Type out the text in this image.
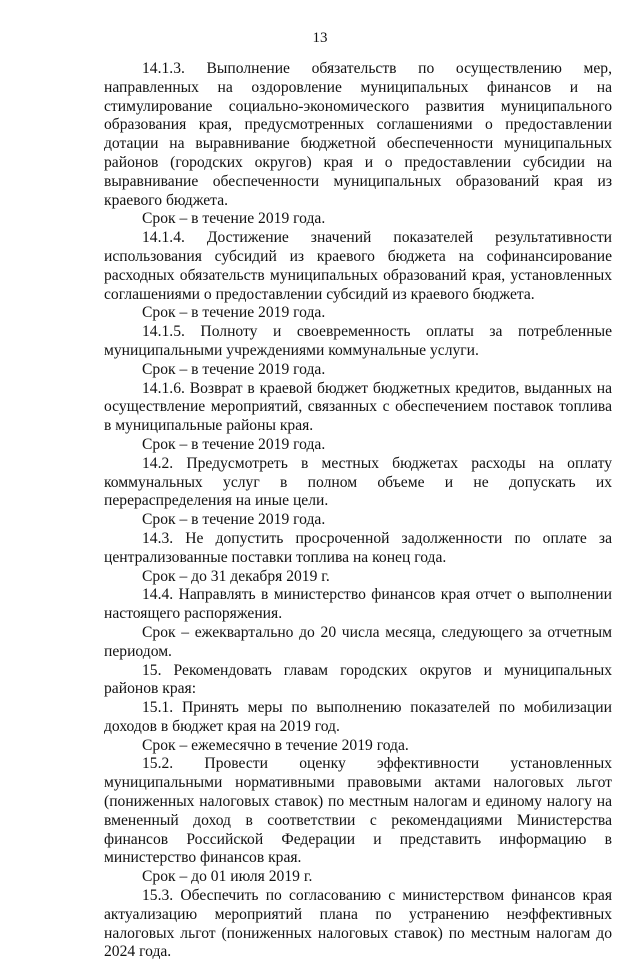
13

14.1.3. Выполнение обязательств по осуществлению мер, направленных на оздоровление муниципальных финансов и на стимулирование социально-экономического развития муниципального образования края, предусмотренных соглашениями о предоставлении дотации на выравнивание бюджетной обеспеченности муниципальных районов (городских округов) края и о предоставлении субсидии на выравнивание обеспеченности муниципальных образований края из краевого бюджета.

Срок – в течение 2019 года.

14.1.4. Достижение значений показателей результативности использования субсидий из краевого бюджета на софинансирование расходных обязательств муниципальных образований края, установленных соглашениями о предоставлении субсидий из краевого бюджета.

Срок – в течение 2019 года.

14.1.5. Полноту и своевременность оплаты за потребленные муниципальными учреждениями коммунальные услуги.

Срок – в течение 2019 года.

14.1.6. Возврат в краевой бюджет бюджетных кредитов, выданных на осуществление мероприятий, связанных с обеспечением поставок топлива в муниципальные районы края.

Срок – в течение 2019 года.

14.2. Предусмотреть в местных бюджетах расходы на оплату коммунальных услуг в полном объеме и не допускать их перераспределения на иные цели.

Срок – в течение 2019 года.

14.3. Не допустить просроченной задолженности по оплате за централизованные поставки топлива на конец года.

Срок – до 31 декабря 2019 г.

14.4. Направлять в министерство финансов края отчет о выполнении настоящего распоряжения.

Срок – ежеквартально до 20 числа месяца, следующего за отчетным периодом.

15. Рекомендовать главам городских округов и муниципальных районов края:

15.1. Принять меры по выполнению показателей по мобилизации доходов в бюджет края на 2019 год.

Срок – ежемесячно в течение 2019 года.

15.2. Провести оценку эффективности установленных муниципальными нормативными правовыми актами налоговых льгот (пониженных налоговых ставок) по местным налогам и единому налогу на вмененный доход в соответствии с рекомендациями Министерства финансов Российской Федерации и представить информацию в министерство финансов края.

Срок – до 01 июля 2019 г.

15.3. Обеспечить по согласованию с министерством финансов края актуализацию мероприятий плана по устранению неэффективных налоговых льгот (пониженных налоговых ставок) по местным налогам до 2024 года.
